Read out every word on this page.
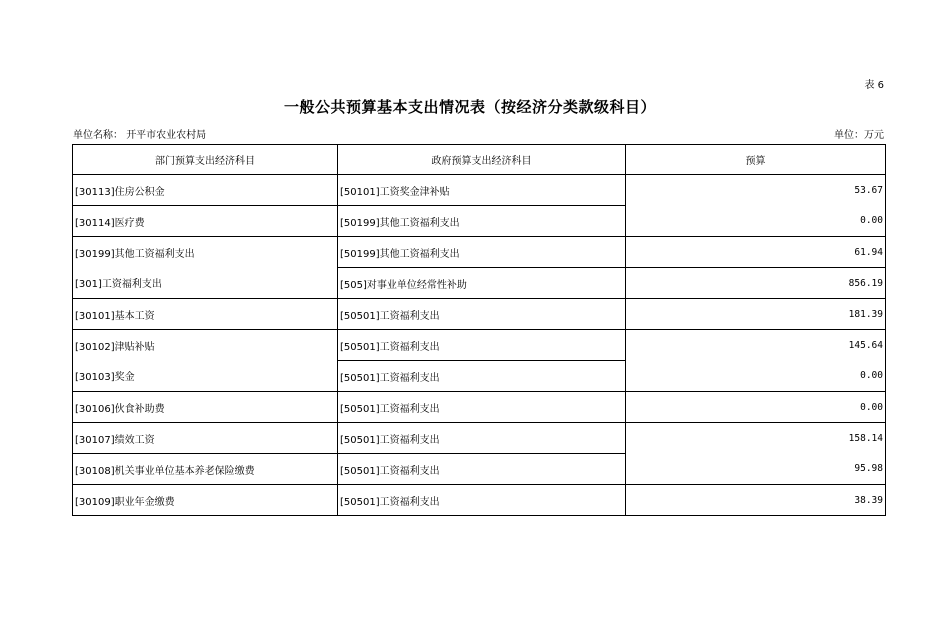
表 6
一般公共预算基本支出情况表（按经济分类款级科目）
单位名称： 开平市农业农村局	单位：万元
部门预算支出经济科目	政府预算支出经济科目	预算
[30113]住房公积金	[50101]工资奖金津补贴	53.67
[30114]医疗费	[50199]其他工资福利支出	0.00
[30199]其他工资福利支出	[50199]其他工资福利支出	61.94
[301]工资福利支出	[505]对事业单位经常性补助	856.19
[30101]基本工资	[50501]工资福利支出	181.39
[30102]津贴补贴	[50501]工资福利支出	145.64
[30103]奖金	[50501]工资福利支出	0.00
[30106]伙食补助费	[50501]工资福利支出	0.00
[30107]绩效工资	[50501]工资福利支出	158.14
[30108]机关事业单位基本养老保险缴费	[50501]工资福利支出	95.98
[30109]职业年金缴费	[50501]工资福利支出	38.39
